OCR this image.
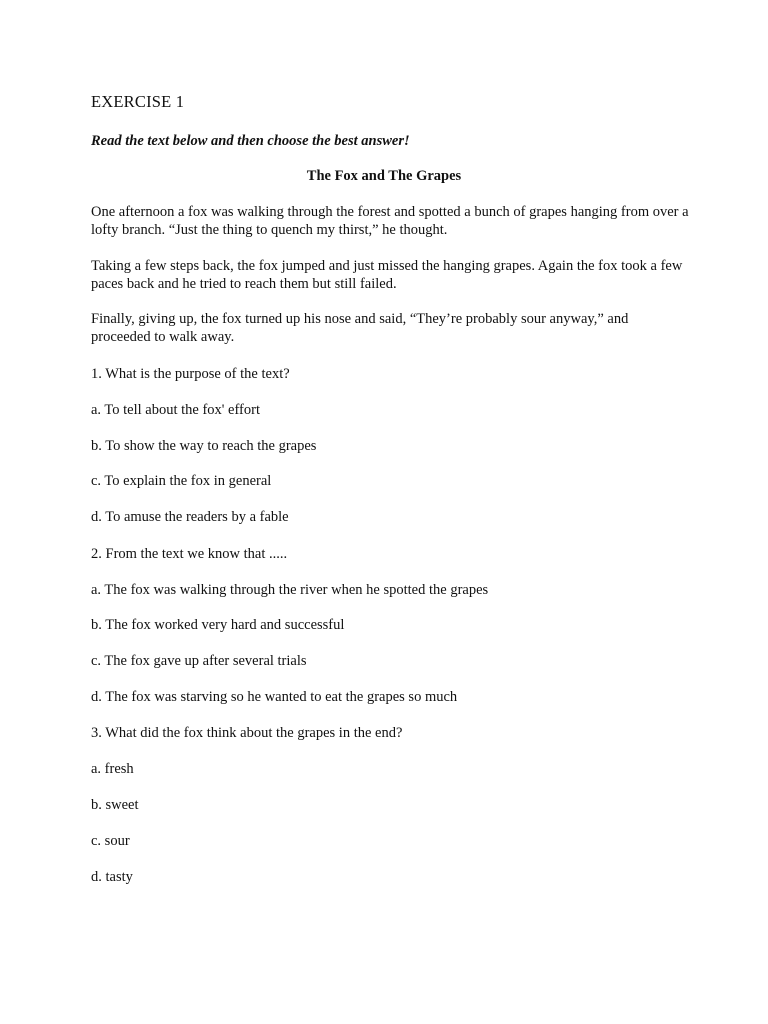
EXERCISE 1

Read the text below and then choose the best answer!

The Fox and The Grapes

One afternoon a fox was walking through the forest and spotted a bunch of grapes hanging from over a lofty branch. “Just the thing to quench my thirst,” he thought.

Taking a few steps back, the fox jumped and just missed the hanging grapes. Again the fox took a few paces back and he tried to reach them but still failed.

Finally, giving up, the fox turned up his nose and said, “They’re probably sour anyway,” and proceeded to walk away.

1. What is the purpose of the text?

a. To tell about the fox' effort

b. To show the way to reach the grapes

c. To explain the fox in general

d. To amuse the readers by a fable

2. From the text we know that .....

a. The fox was walking through the river when he spotted the grapes

b. The fox worked very hard and successful

c. The fox gave up after several trials

d. The fox was starving so he wanted to eat the grapes so much

3. What did the fox think about the grapes in the end?

a. fresh

b. sweet

c. sour

d. tasty
